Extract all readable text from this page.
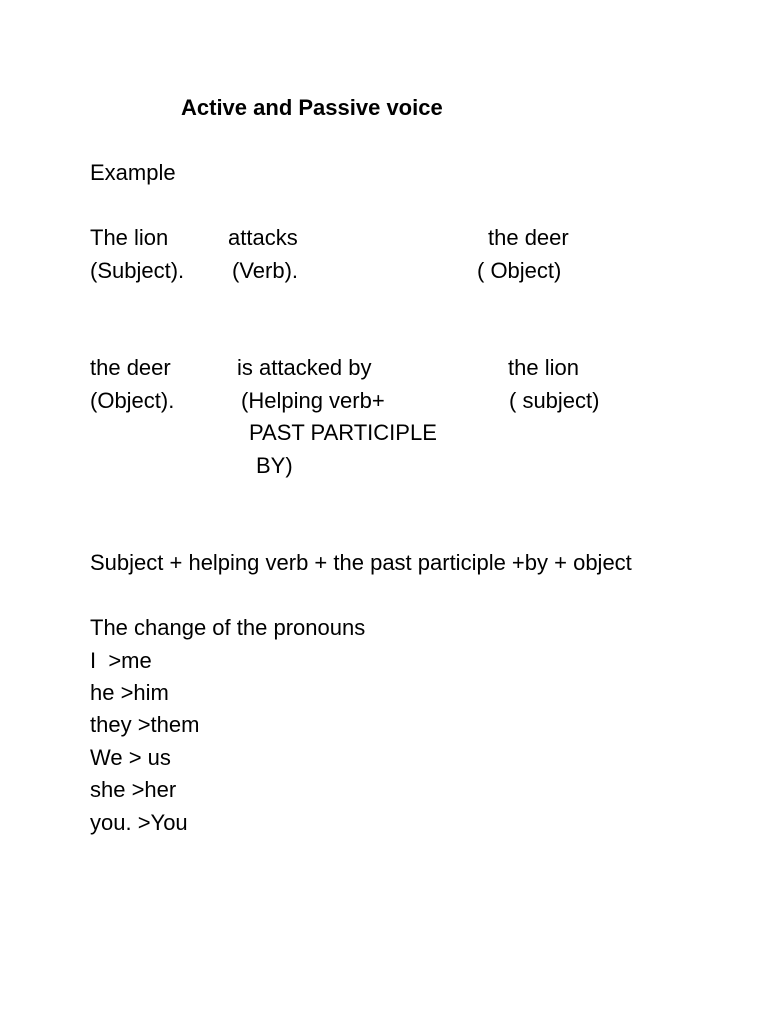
Active and Passive voice
Example
The lion	attacks	the deer
(Subject). (Verb).	( Object)
the deer	is attacked by	the lion
(Object).	(Helping verb+	( subject)
PAST PARTICIPLE
BY)
Subject + helping verb + the past participle +by + object
The change of the pronouns
I  >me
he >him
they >them
We > us
she >her
you. >You
